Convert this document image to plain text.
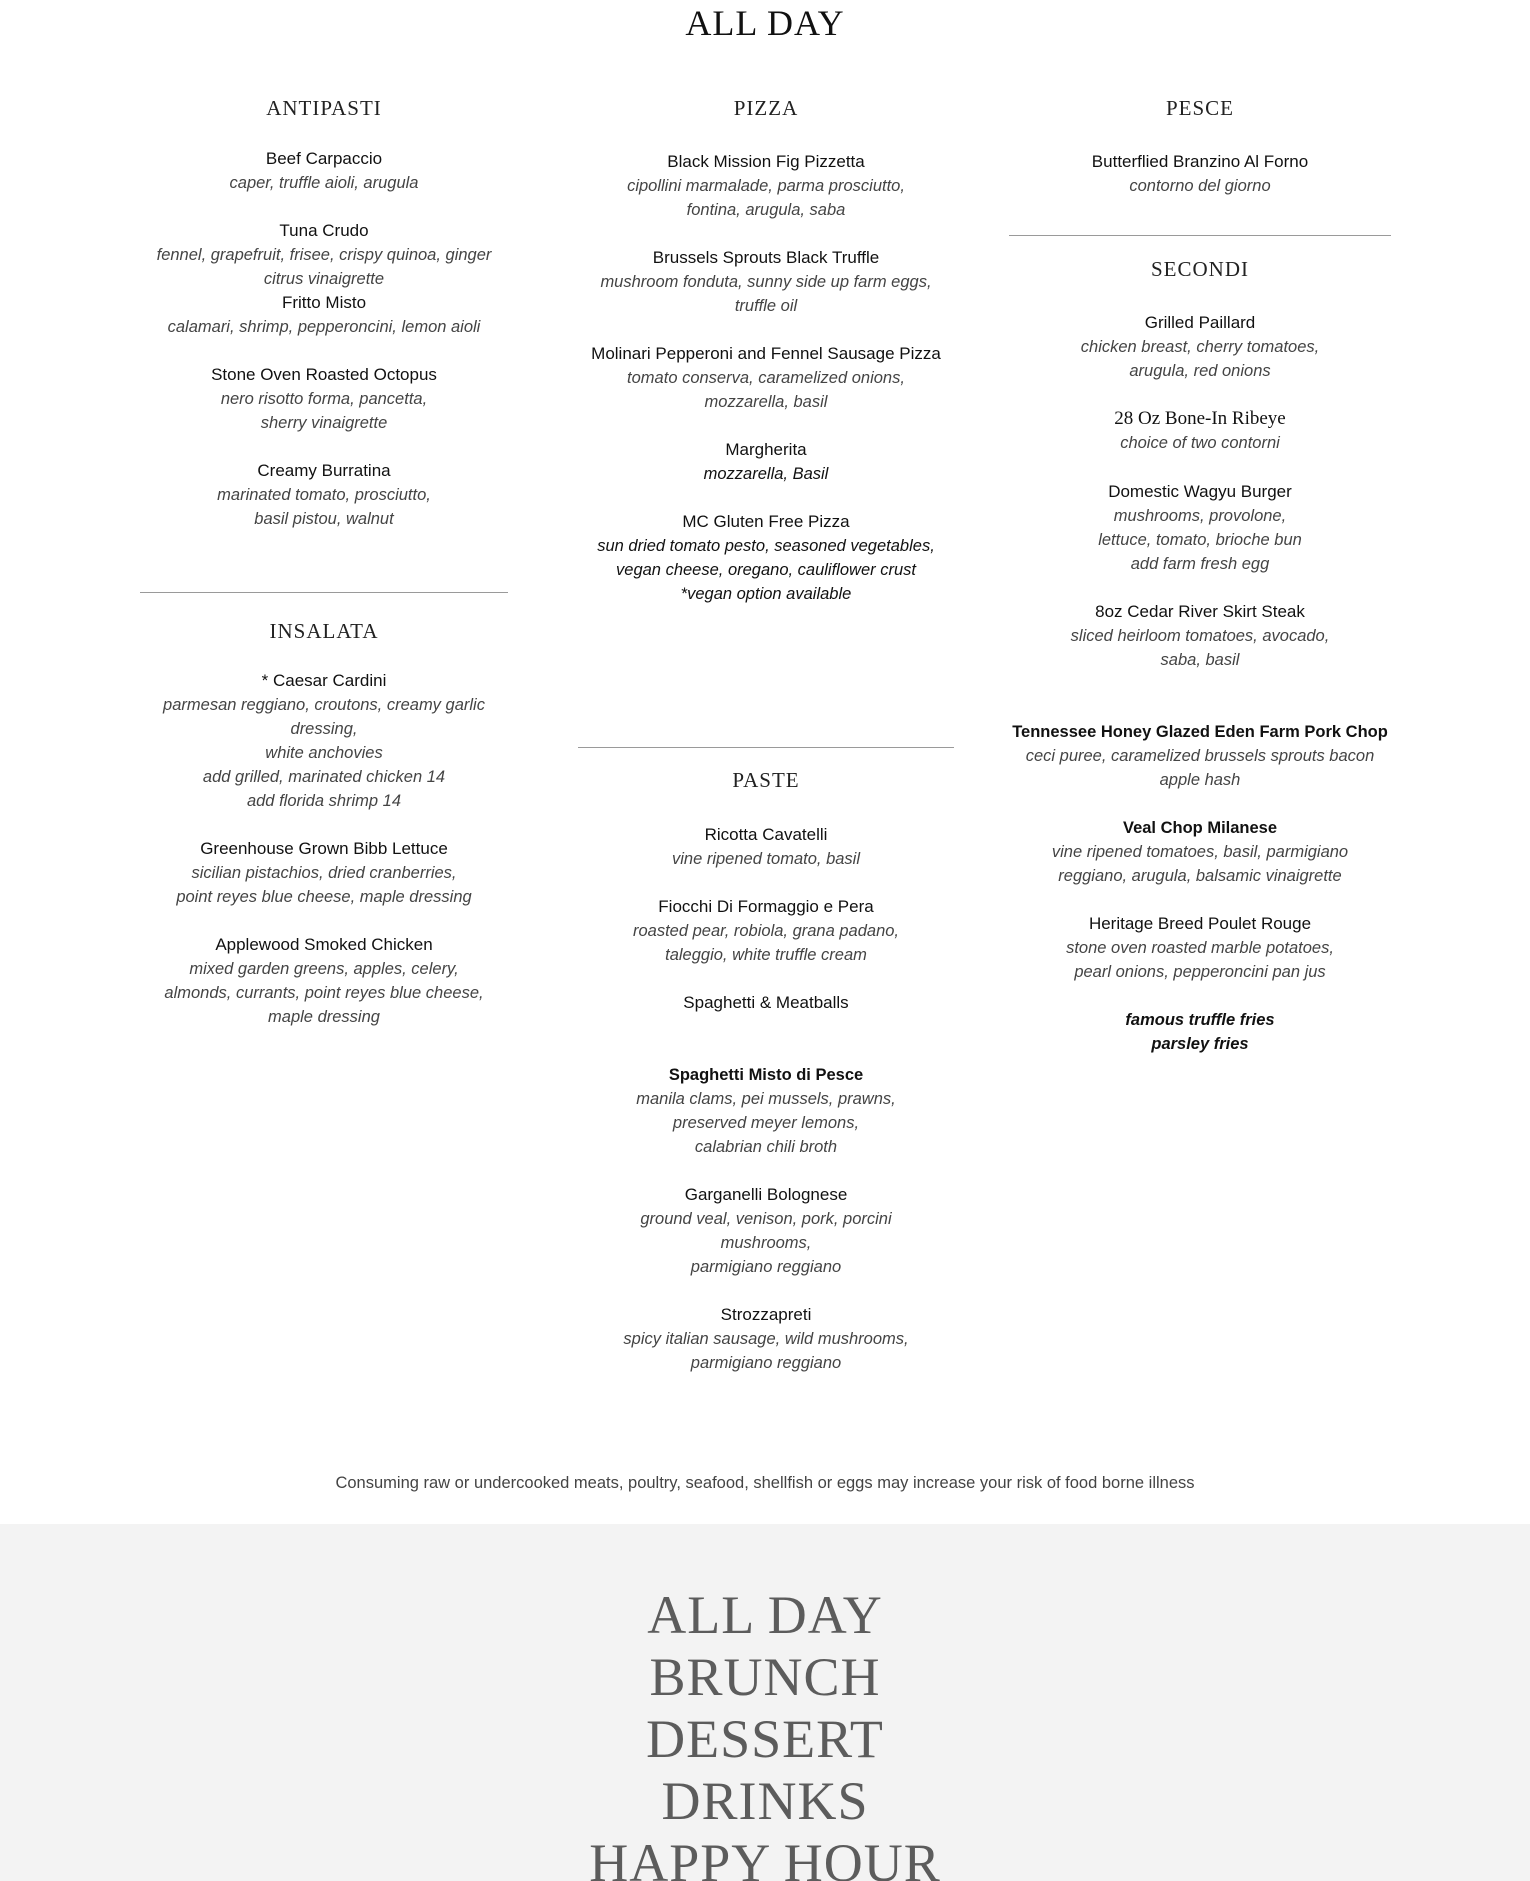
ALL DAY
ANTIPASTI
Beef Carpaccio
caper, truffle aioli, arugula
Tuna Crudo
fennel, grapefruit, frisee, crispy quinoa, ginger
citrus vinaigrette
Fritto Misto
calamari, shrimp, pepperoncini, lemon aioli
Stone Oven Roasted Octopus
nero risotto forma, pancetta,
sherry vinaigrette
Creamy Burratina
marinated tomato, prosciutto,
basil pistou, walnut
INSALATA
* Caesar Cardini
parmesan reggiano, croutons, creamy garlic
dressing,
white anchovies
add grilled, marinated chicken 14
add florida shrimp 14
Greenhouse Grown Bibb Lettuce
sicilian pistachios, dried cranberries,
point reyes blue cheese, maple dressing
Applewood Smoked Chicken
mixed garden greens, apples, celery,
almonds, currants, point reyes blue cheese,
maple dressing
PIZZA
Black Mission Fig Pizzetta
cipollini marmalade, parma prosciutto,
fontina, arugula, saba
Brussels Sprouts Black Truffle
mushroom fonduta, sunny side up farm eggs,
truffle oil
Molinari Pepperoni and Fennel Sausage Pizza
tomato conserva, caramelized onions,
mozzarella, basil
Margherita
mozzarella, Basil
MC Gluten Free Pizza
sun dried tomato pesto, seasoned vegetables,
vegan cheese, oregano, cauliflower crust
*vegan option available
PASTE
Ricotta Cavatelli
vine ripened tomato, basil
Fiocchi Di Formaggio e Pera
roasted pear, robiola, grana padano,
taleggio, white truffle cream
Spaghetti & Meatballs
Spaghetti Misto di Pesce
manila clams, pei mussels, prawns,
preserved meyer lemons,
calabrian chili broth
Garganelli Bolognese
ground veal, venison, pork, porcini
mushrooms,
parmigiano reggiano
Strozzapreti
spicy italian sausage, wild mushrooms,
parmigiano reggiano
PESCE
Butterflied Branzino Al Forno
contorno del giorno
SECONDI
Grilled Paillard
chicken breast, cherry tomatoes,
arugula, red onions
28 Oz Bone-In Ribeye
choice of two contorni
Domestic Wagyu Burger
mushrooms, provolone,
lettuce, tomato, brioche bun
add farm fresh egg
8oz Cedar River Skirt Steak
sliced heirloom tomatoes, avocado,
saba, basil
Tennessee Honey Glazed Eden Farm Pork Chop
ceci puree, caramelized brussels sprouts bacon
apple hash
Veal Chop Milanese
vine ripened tomatoes, basil, parmigiano
reggiano, arugula, balsamic vinaigrette
Heritage Breed Poulet Rouge
stone oven roasted marble potatoes,
pearl onions, pepperoncini pan jus
famous truffle fries
parsley fries
Consuming raw or undercooked meats, poultry, seafood, shellfish or eggs may increase your risk of food borne illness
ALL DAY
BRUNCH
DESSERT
DRINKS
HAPPY HOUR
